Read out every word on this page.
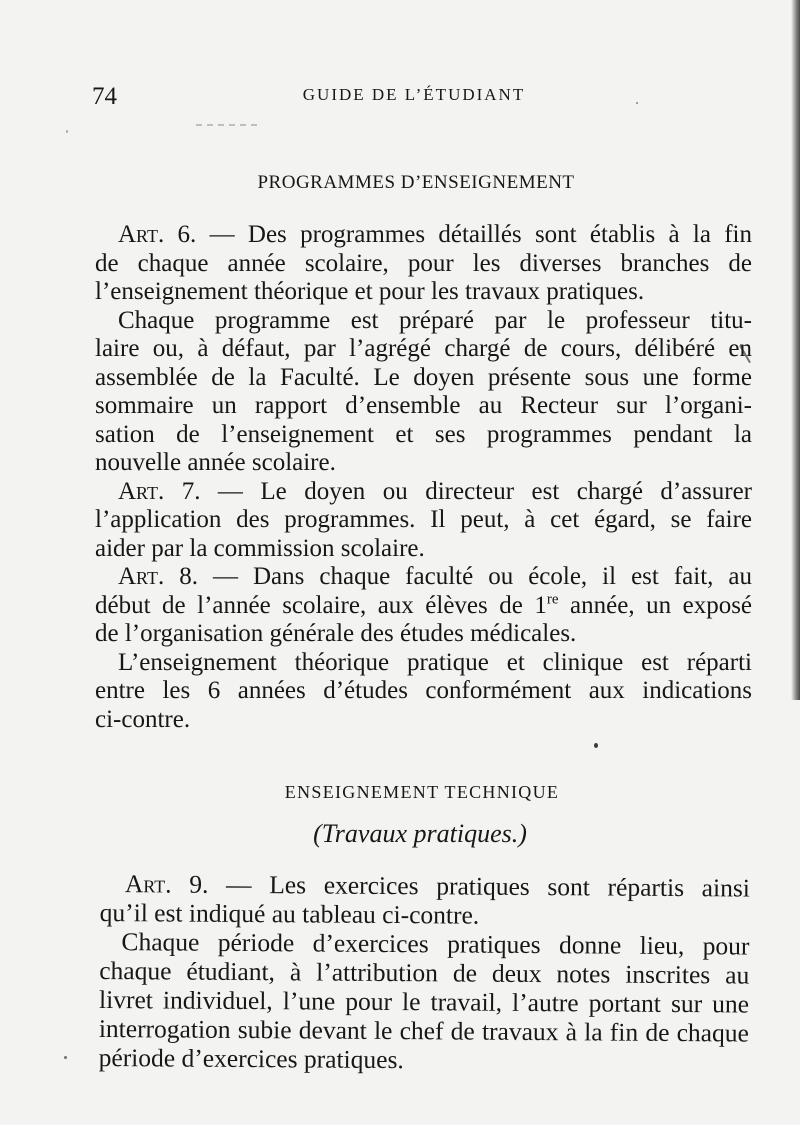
74	GUIDE DE L’ÉTUDIANT
PROGRAMMES D’ENSEIGNEMENT
Art. 6. — Des programmes détaillés sont établis à la fin
de chaque année scolaire, pour les diverses branches de
l’enseignement théorique et pour les travaux pratiques.
Chaque programme est préparé par le professeur titu-
laire ou, à défaut, par l’agrégé chargé de cours, délibéré en
assemblée de la Faculté. Le doyen présente sous une forme
sommaire un rapport d’ensemble au Recteur sur l’organi-
sation de l’enseignement et ses programmes pendant la
nouvelle année scolaire.
Art. 7. — Le doyen ou directeur est chargé d’assurer
l’application des programmes. Il peut, à cet égard, se faire
aider par la commission scolaire.
Art. 8. — Dans chaque faculté ou école, il est fait, au
début de l’année scolaire, aux élèves de 1re année, un exposé
de l’organisation générale des études médicales.
L’enseignement théorique pratique et clinique est réparti
entre les 6 années d’études conformément aux indications
ci-contre.
ENSEIGNEMENT TECHNIQUE
(Travaux pratiques.)
Art. 9. — Les exercices pratiques sont répartis ainsi
qu’il est indiqué au tableau ci-contre.
Chaque période d’exercices pratiques donne lieu, pour
chaque étudiant, à l’attribution de deux notes inscrites au
livret individuel, l’une pour le travail, l’autre portant sur une
interrogation subie devant le chef de travaux à la fin de chaque
période d’exercices pratiques.
